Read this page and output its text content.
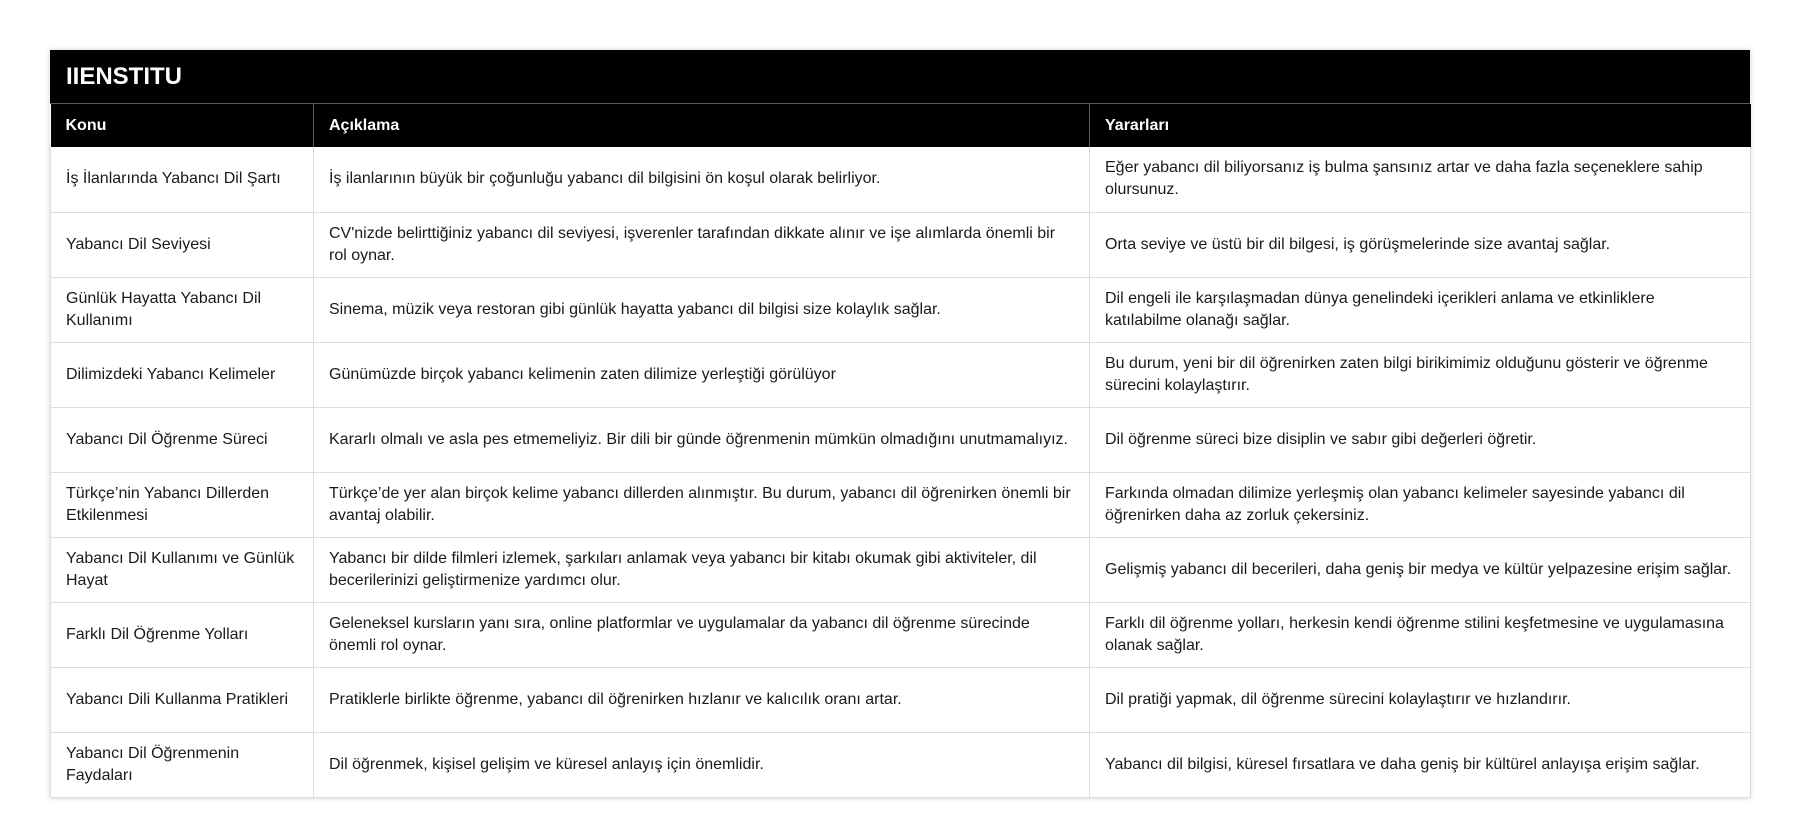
IIENSTITU
Konu	Açıklama	Yararları
İş İlanlarında Yabancı Dil Şartı	İş ilanlarının büyük bir çoğunluğu yabancı dil bilgisini ön koşul olarak belirliyor.	Eğer yabancı dil biliyorsanız iş bulma şansınız artar ve daha fazla seçeneklere sahip olursunuz.
Yabancı Dil Seviyesi	CV'nizde belirttiğiniz yabancı dil seviyesi, işverenler tarafından dikkate alınır ve işe alımlarda önemli bir rol oynar.	Orta seviye ve üstü bir dil bilgesi, iş görüşmelerinde size avantaj sağlar.
Günlük Hayatta Yabancı Dil Kullanımı	Sinema, müzik veya restoran gibi günlük hayatta yabancı dil bilgisi size kolaylık sağlar.	Dil engeli ile karşılaşmadan dünya genelindeki içerikleri anlama ve etkinliklere katılabilme olanağı sağlar.
Dilimizdeki Yabancı Kelimeler	Günümüzde birçok yabancı kelimenin zaten dilimize yerleştiği görülüyor	Bu durum, yeni bir dil öğrenirken zaten bilgi birikimimiz olduğunu gösterir ve öğrenme sürecini kolaylaştırır.
Yabancı Dil Öğrenme Süreci	Kararlı olmalı ve asla pes etmemeliyiz. Bir dili bir günde öğrenmenin mümkün olmadığını unutmamalıyız.	Dil öğrenme süreci bize disiplin ve sabır gibi değerleri öğretir.
Türkçe’nin Yabancı Dillerden Etkilenmesi	Türkçe’de yer alan birçok kelime yabancı dillerden alınmıştır. Bu durum, yabancı dil öğrenirken önemli bir avantaj olabilir.	Farkında olmadan dilimize yerleşmiş olan yabancı kelimeler sayesinde yabancı dil öğrenirken daha az zorluk çekersiniz.
Yabancı Dil Kullanımı ve Günlük Hayat	Yabancı bir dilde filmleri izlemek, şarkıları anlamak veya yabancı bir kitabı okumak gibi aktiviteler, dil becerilerinizi geliştirmenize yardımcı olur.	Gelişmiş yabancı dil becerileri, daha geniş bir medya ve kültür yelpazesine erişim sağlar.
Farklı Dil Öğrenme Yolları	Geleneksel kursların yanı sıra, online platformlar ve uygulamalar da yabancı dil öğrenme sürecinde önemli rol oynar.	Farklı dil öğrenme yolları, herkesin kendi öğrenme stilini keşfetmesine ve uygulamasına olanak sağlar.
Yabancı Dili Kullanma Pratikleri	Pratiklerle birlikte öğrenme, yabancı dil öğrenirken hızlanır ve kalıcılık oranı artar.	Dil pratiği yapmak, dil öğrenme sürecini kolaylaştırır ve hızlandırır.
Yabancı Dil Öğrenmenin Faydaları	Dil öğrenmek, kişisel gelişim ve küresel anlayış için önemlidir.	Yabancı dil bilgisi, küresel fırsatlara ve daha geniş bir kültürel anlayışa erişim sağlar.
